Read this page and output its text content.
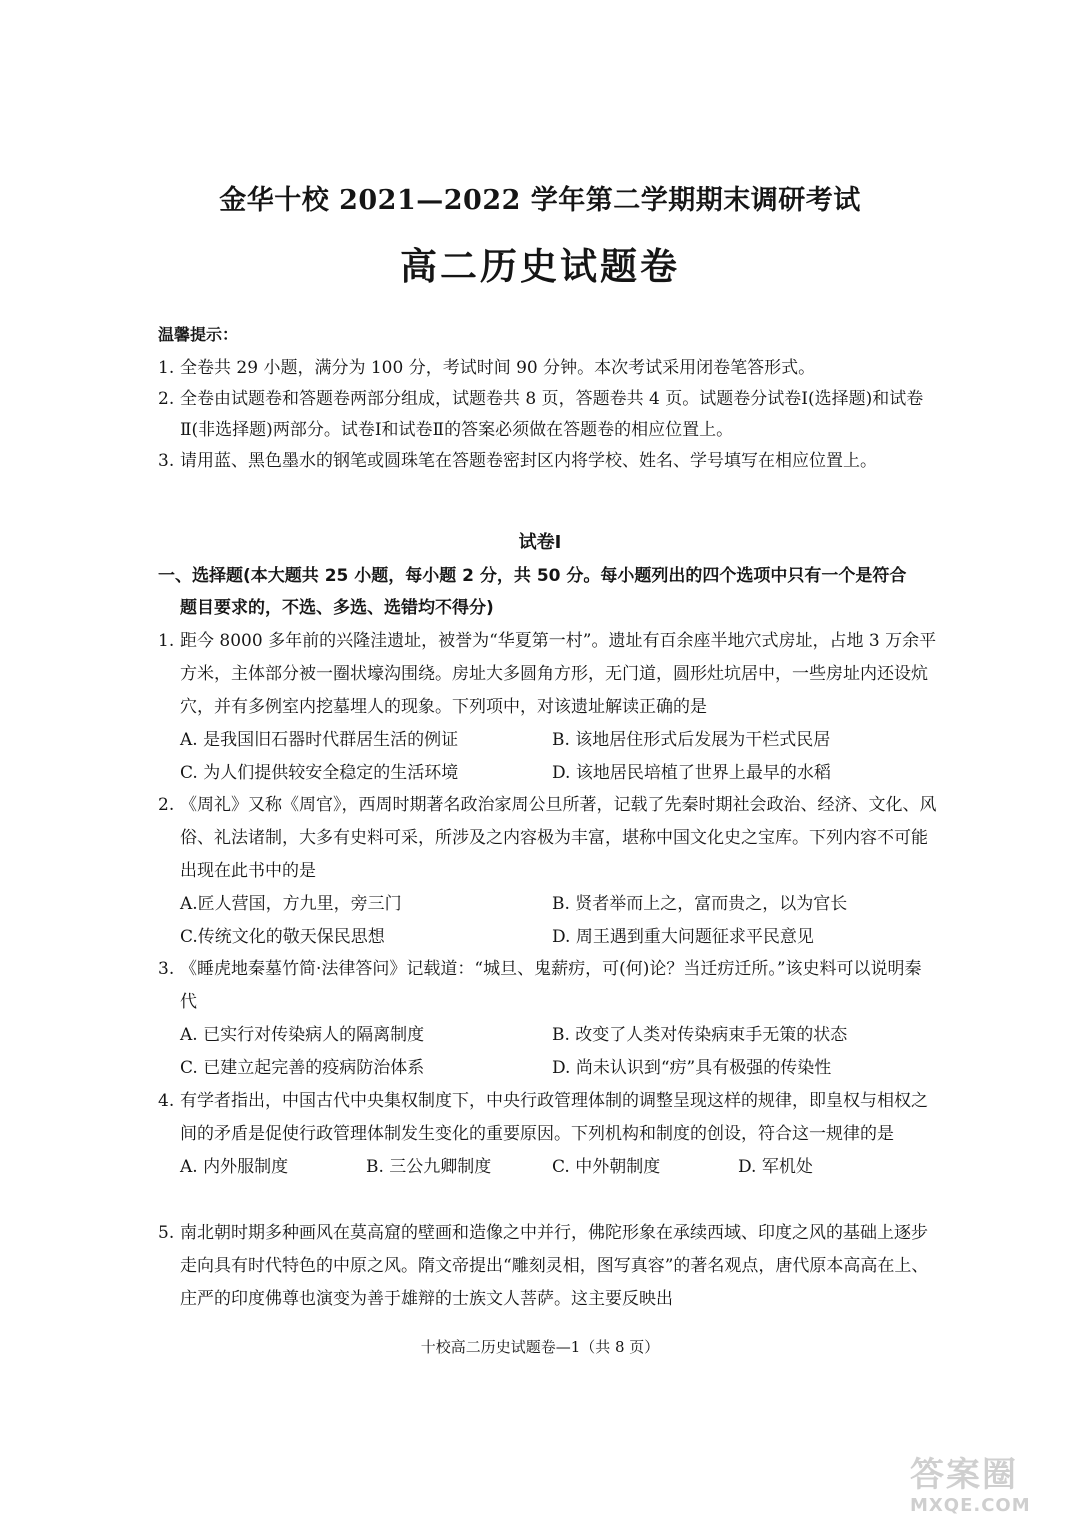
金华十校 2021—2022 学年第二学期期末调研考试
高二历史试题卷
温馨提示：
1. 全卷共 29 小题，满分为 100 分，考试时间 90 分钟。本次考试采用闭卷笔答形式。
2. 全卷由试题卷和答题卷两部分组成，试题卷共 8 页，答题卷共 4 页。试题卷分试卷Ⅰ(选择题)和试卷Ⅱ(非选择题)两部分。试卷Ⅰ和试卷Ⅱ的答案必须做在答题卷的相应位置上。
3. 请用蓝、黑色墨水的钢笔或圆珠笔在答题卷密封区内将学校、姓名、学号填写在相应位置上。
试卷Ⅰ
一、选择题(本大题共 25 小题，每小题 2 分，共 50 分。每小题列出的四个选项中只有一个是符合
题目要求的，不选、多选、选错均不得分)
1. 距今 8000 多年前的兴隆洼遗址，被誉为“华夏第一村”。遗址有百余座半地穴式房址，占地 3 万余平方米，主体部分被一圈状壕沟围绕。房址大多圆角方形，无门道，圆形灶坑居中，一些房址内还设炕穴，并有多例室内挖墓埋人的现象。下列项中，对该遗址解读正确的是
A. 是我国旧石器时代群居生活的例证	B. 该地居住形式后发展为干栏式民居
C. 为人们提供较安全稳定的生活环境	D. 该地居民培植了世界上最早的水稻
2. 《周礼》又称《周官》，西周时期著名政治家周公旦所著，记载了先秦时期社会政治、经济、文化、风俗、礼法诸制，大多有史料可采，所涉及之内容极为丰富，堪称中国文化史之宝库。下列内容不可能出现在此书中的是
A.匠人营国，方九里，旁三门	B. 贤者举而上之，富而贵之，以为官长
C.传统文化的敬天保民思想	D. 周王遇到重大问题征求平民意见
3. 《睡虎地秦墓竹简·法律答问》记载道：“城旦、鬼薪疠，可(何)论？当迁疠迁所。”该史料可以说明秦代
A. 已实行对传染病人的隔离制度	B. 改变了人类对传染病束手无策的状态
C. 已建立起完善的疫病防治体系	D. 尚未认识到“疠”具有极强的传染性
4. 有学者指出，中国古代中央集权制度下，中央行政管理体制的调整呈现这样的规律，即皇权与相权之间的矛盾是促使行政管理体制发生变化的重要原因。下列机构和制度的创设，符合这一规律的是
A. 内外服制度	B. 三公九卿制度	C. 中外朝制度	D. 军机处
5. 南北朝时期多种画风在莫高窟的壁画和造像之中并行，佛陀形象在承续西域、印度之风的基础上逐步走向具有时代特色的中原之风。隋文帝提出“雕刻灵相，图写真容”的著名观点，唐代原本高高在上、庄严的印度佛尊也演变为善于雄辩的士族文人菩萨。这主要反映出
十校高二历史试题卷—1（共 8 页）
答案圈
MXQE.COM
